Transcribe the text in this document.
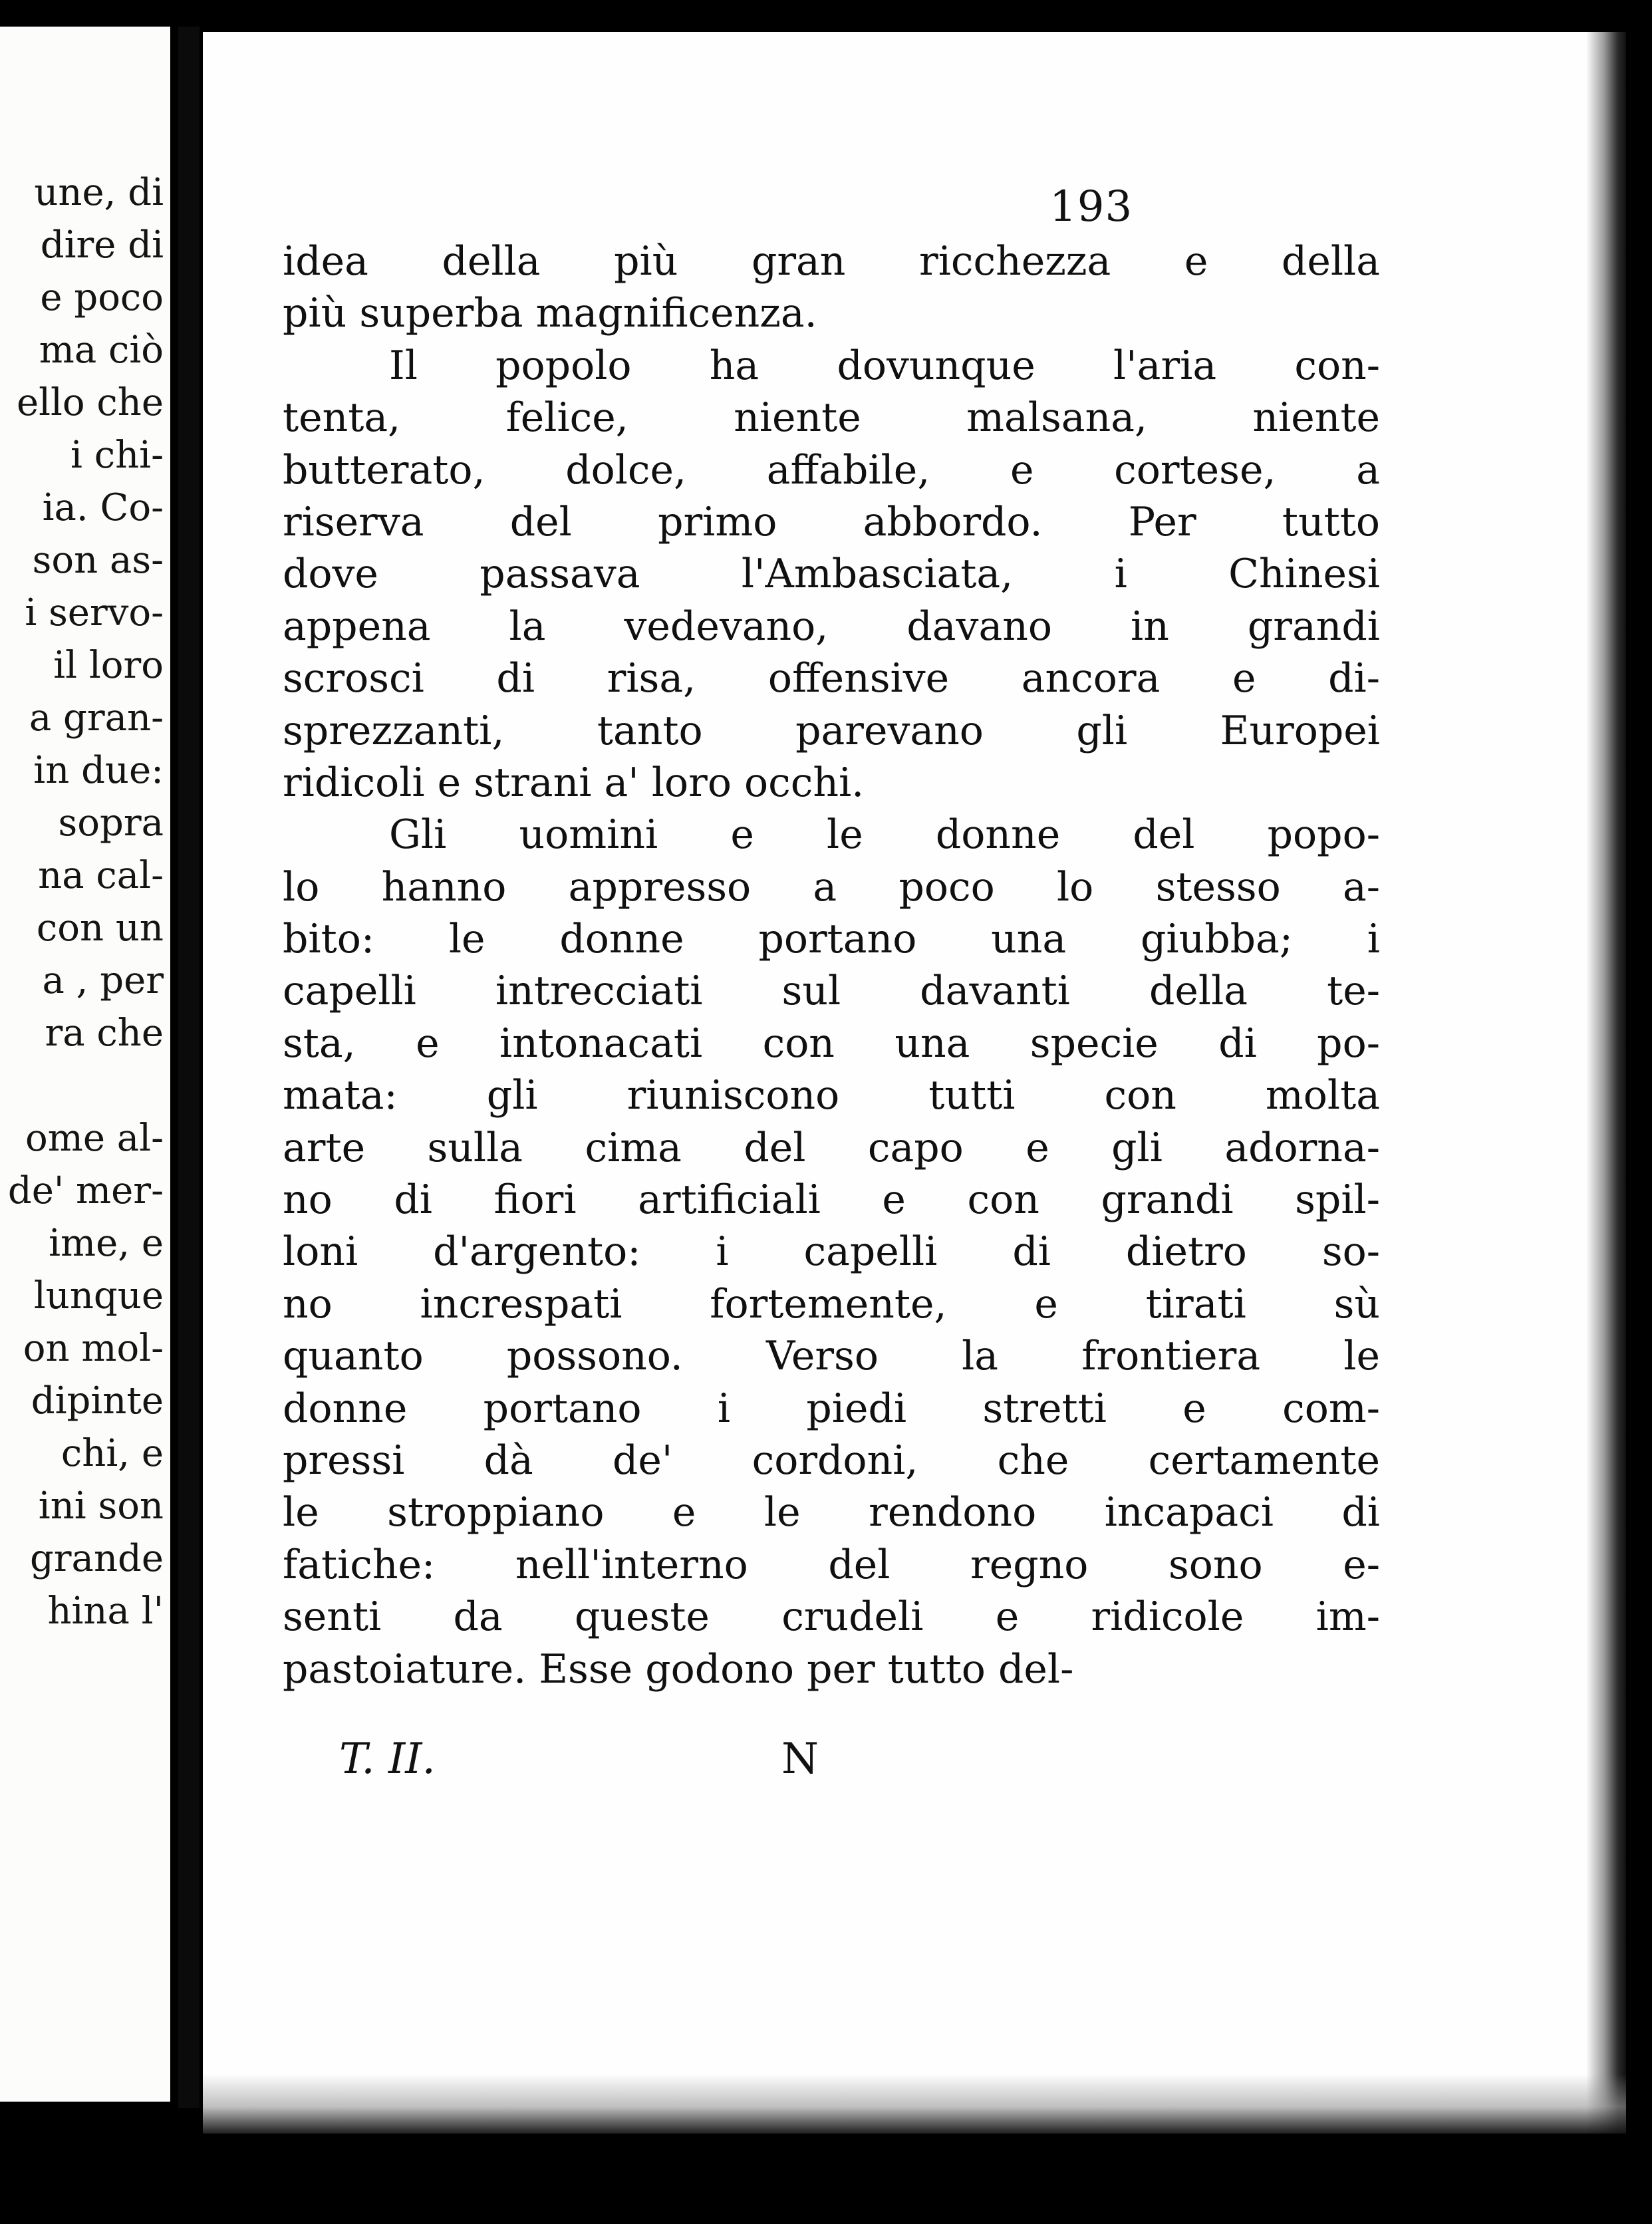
une, di
dire di
e poco
ma ciò
ello che
i chi-
ia. Co-
son as-
i servo-
il loro
a gran-
in due:
sopra
na cal-
con un
a , per
ra che
ome al-
de' mer-
ime, e
lunque
on mol-
dipinte
chi, e
ini son
grande
hina l'
193
idea della più gran ricchezza e della
più superba magnificenza.
Il popolo ha dovunque l'aria con-
tenta, felice, niente malsana, niente
butterato, dolce, affabile, e cortese, a
riserva del primo abbordo. Per tutto
dove passava l'Ambasciata, i Chinesi
appena la vedevano, davano in grandi
scrosci di risa, offensive ancora e di-
sprezzanti, tanto parevano gli Europei
ridicoli e strani a' loro occhi.
Gli uomini e le donne del popo-
lo hanno appresso a poco lo stesso a-
bito: le donne portano una giubba; i
capelli intrecciati sul davanti della te-
sta, e intonacati con una specie di po-
mata: gli riuniscono tutti con molta
arte sulla cima del capo e gli adorna-
no di fiori artificiali e con grandi spil-
loni d'argento: i capelli di dietro so-
no increspati fortemente, e tirati sù
quanto possono. Verso la frontiera le
donne portano i piedi stretti e com-
pressi dà de' cordoni, che certamente
le stroppiano e le rendono incapaci di
fatiche: nell'interno del regno sono e-
senti da queste crudeli e ridicole im-
pastoiature. Esse godono per tutto del-
T. II.	N
